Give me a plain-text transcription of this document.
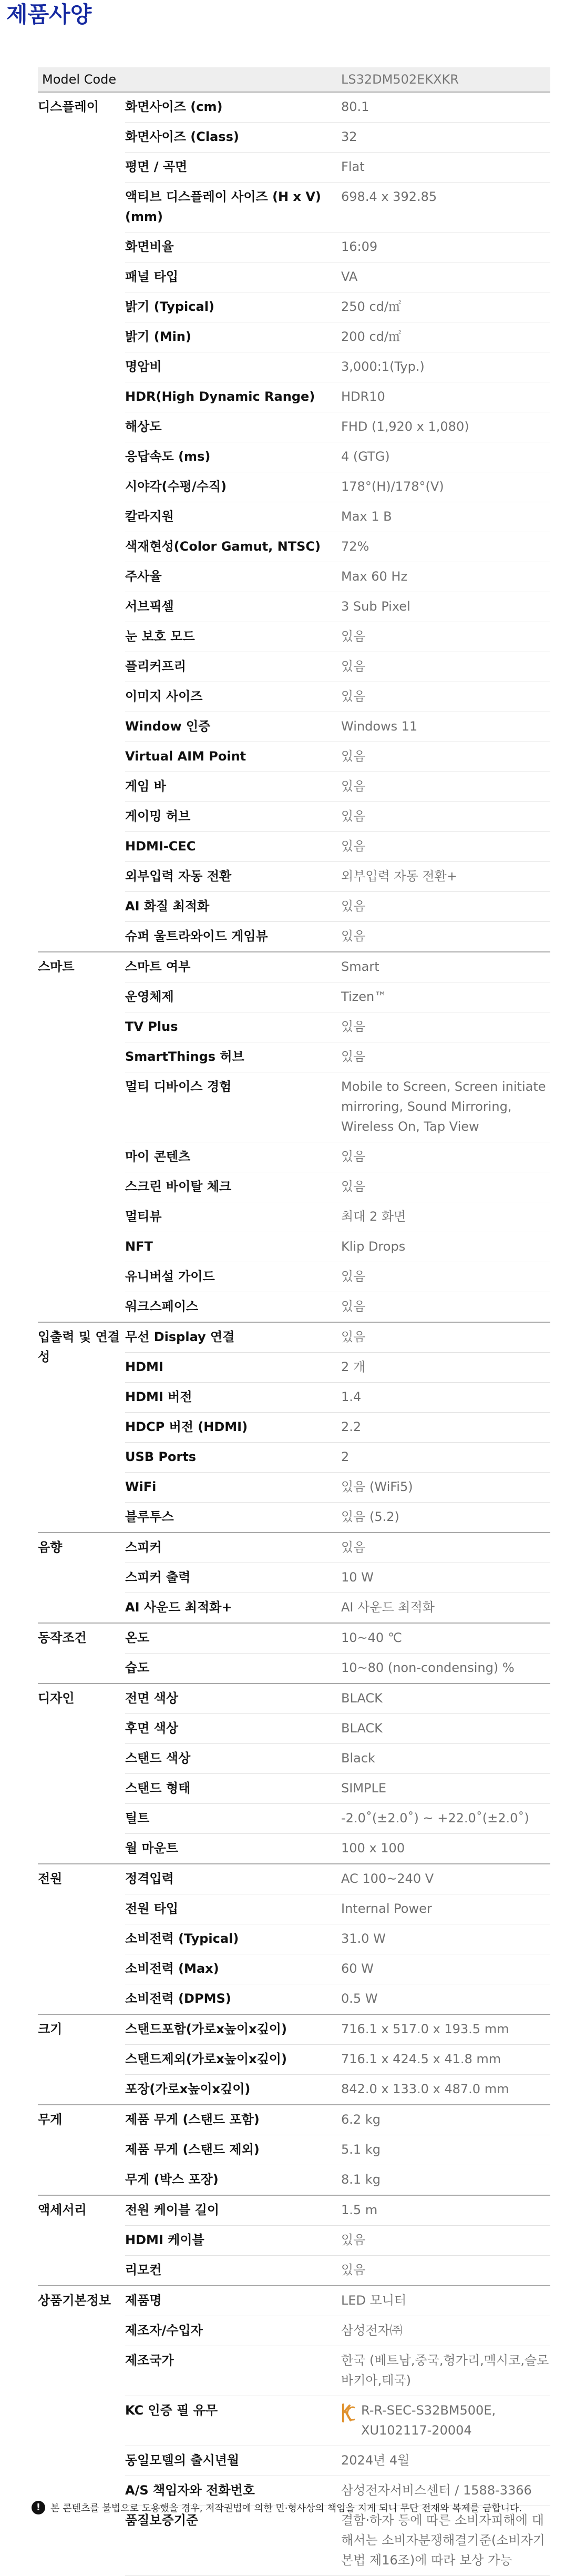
제품사양
Model Code		LS32DM502EKXKR
디스플레이	화면사이즈 (cm)	80.1
	화면사이즈 (Class)	32
	평면 / 곡면	Flat
	액티브 디스플레이 사이즈 (H x V) (mm)	698.4 x 392.85
	화면비율	16:09
	패널 타입	VA
	밝기 (Typical)	250 cd/㎡
	밝기 (Min)	200 cd/㎡
	명암비	3,000:1(Typ.)
	HDR(High Dynamic Range)	HDR10
	해상도	FHD (1,920 x 1,080)
	응답속도 (ms)	4 (GTG)
	시야각(수평/수직)	178°(H)/178°(V)
	칼라지원	Max 1 B
	색재현성(Color Gamut, NTSC)	72%
	주사율	Max 60 Hz
	서브픽셀	3 Sub Pixel
	눈 보호 모드	있음
	플리커프리	있음
	이미지 사이즈	있음
	Window 인증	Windows 11
	Virtual AIM Point	있음
	게임 바	있음
	게이밍 허브	있음
	HDMI-CEC	있음
	외부입력 자동 전환	외부입력 자동 전환+
	AI 화질 최적화	있음
	슈퍼 울트라와이드 게임뷰	있음
스마트	스마트 여부	Smart
	운영체제	Tizen™
	TV Plus	있음
	SmartThings 허브	있음
	멀티 디바이스 경험	Mobile to Screen, Screen initiate mirroring, Sound Mirroring, Wireless On, Tap View
	마이 콘텐츠	있음
	스크린 바이탈 체크	있음
	멀티뷰	최대 2 화면
	NFT	Klip Drops
	유니버설 가이드	있음
	워크스페이스	있음
입출력 및 연결성	무선 Display 연결	있음
	HDMI	2 개
	HDMI 버전	1.4
	HDCP 버전 (HDMI)	2.2
	USB Ports	2
	WiFi	있음 (WiFi5)
	블루투스	있음 (5.2)
음향	스피커	있음
	스피커 출력	10 W
	AI 사운드 최적화+	AI 사운드 최적화
동작조건	온도	10~40 ℃
	습도	10~80 (non-condensing) %
디자인	전면 색상	BLACK
	후면 색상	BLACK
	스탠드 색상	Black
	스탠드 형태	SIMPLE
	틸트	-2.0˚(±2.0˚) ~ +22.0˚(±2.0˚)
	월 마운트	100 x 100
전원	정격입력	AC 100~240 V
	전원 타입	Internal Power
	소비전력 (Typical)	31.0 W
	소비전력 (Max)	60 W
	소비전력 (DPMS)	0.5 W
크기	스탠드포함(가로x높이x깊이)	716.1 x 517.0 x 193.5 mm
	스탠드제외(가로x높이x깊이)	716.1 x 424.5 x 41.8 mm
	포장(가로x높이x깊이)	842.0 x 133.0 x 487.0 mm
무게	제품 무게 (스탠드 포함)	6.2 kg
	제품 무게 (스탠드 제외)	5.1 kg
	무게 (박스 포장)	8.1 kg
액세서리	전원 케이블 길이	1.5 m
	HDMI 케이블	있음
	리모컨	있음
상품기본정보	제품명	LED 모니터
	제조자/수입자	삼성전자㈜
	제조국가	한국 (베트남,중국,헝가리,멕시코,슬로바키아,태국)
	KC 인증 필 유무	R-R-SEC-S32BM500E, XU102117-20004

	동일모델의 출시년월	2024년 4월
	A/S 책임자와 전화번호	삼성전자서비스센터 / 1588-3366
	품질보증기준	결함·하자 등에 따른 소비자피해에 대해서는 소비자분쟁해결기준(소비자기본법 제16조)에 따라 보상 가능
!	본 콘텐츠를 불법으로 도용했을 경우, 저작권법에 의한 민·형사상의 책임을 지게 되니 무단 전재와 복제를 금합니다.
